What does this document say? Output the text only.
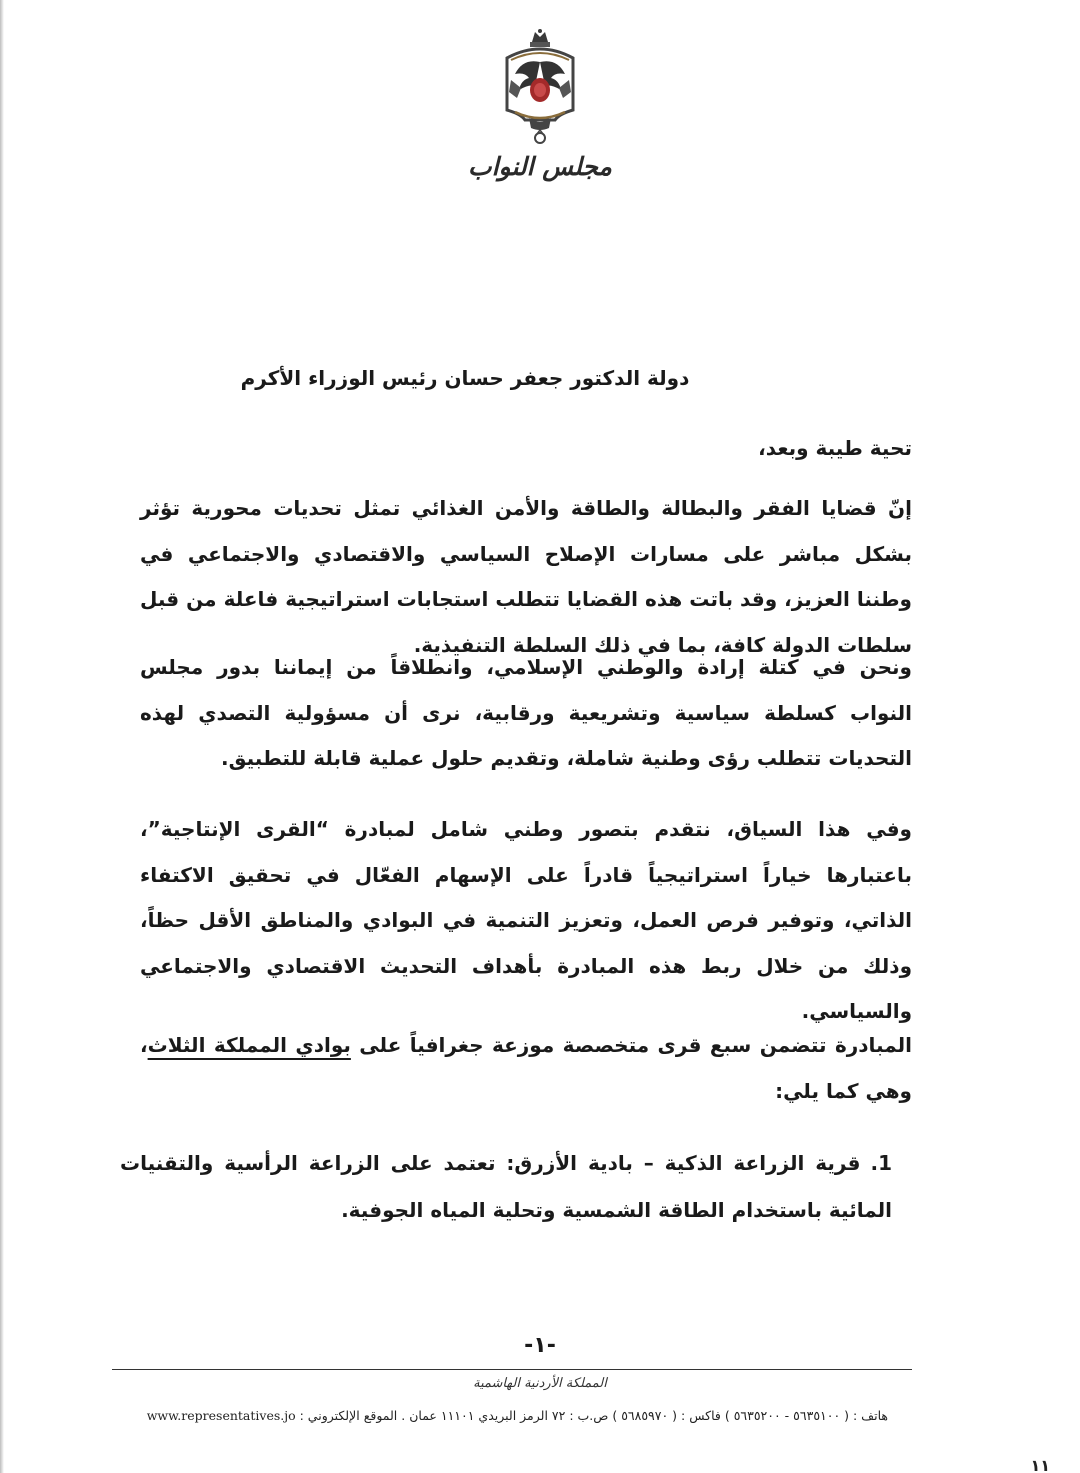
مجلس النواب
دولة الدكتور جعفر حسان رئيس الوزراء الأكرم
تحية طيبة وبعد،

إنّ قضايا الفقر والبطالة والطاقة والأمن الغذائي تمثل تحديات محورية تؤثر بشكل مباشر على مسارات الإصلاح السياسي والاقتصادي والاجتماعي في وطننا العزيز، وقد باتت هذه القضايا تتطلب استجابات استراتيجية فاعلة من قبل سلطات الدولة كافة، بما في ذلك السلطة التنفيذية.

ونحن في كتلة إرادة والوطني الإسلامي، وانطلاقاً من إيماننا بدور مجلس النواب كسلطة سياسية وتشريعية ورقابية، نرى أن مسؤولية التصدي لهذه التحديات تتطلب رؤى وطنية شاملة، وتقديم حلول عملية قابلة للتطبيق.

وفي هذا السياق، نتقدم بتصور وطني شامل لمبادرة “القرى الإنتاجية”، باعتبارها خياراً استراتيجياً قادراً على الإسهام الفعّال في تحقيق الاكتفاء الذاتي، وتوفير فرص العمل، وتعزيز التنمية في البوادي والمناطق الأقل حظاً، وذلك من خلال ربط هذه المبادرة بأهداف التحديث الاقتصادي والاجتماعي والسياسي.

المبادرة تتضمن سبع قرى متخصصة موزعة جغرافياً على بوادي المملكة الثلاث، وهي كما يلي:

1.قرية الزراعة الذكية – بادية الأزرق: تعتمد على الزراعة الرأسية والتقنيات المائية باستخدام الطاقة الشمسية وتحلية المياه الجوفية.

-١-
المملكة الأردنية الهاشمية
هاتف : ( ٥٦٣٥١٠٠ - ٥٦٣٥٢٠٠ ) فاكس : ( ٥٦٨٥٩٧٠ ) ص.ب : ٧٢ الرمز البريدي ١١١٠١ عمان . الموقع الإلكتروني : www.representatives.jo
١١
